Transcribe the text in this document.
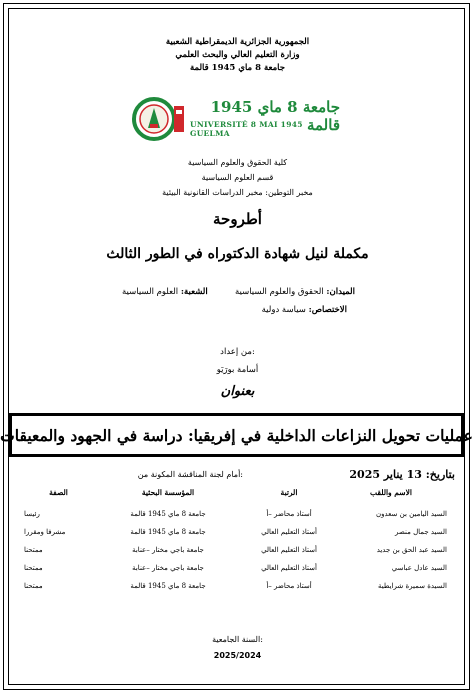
الجمهورية الجزائرية الديمقراطية الشعبية
وزارة التعليم العالي والبحث العلمي
جامعة 8 ماي 1945 قالمة
جامعة 8 ماي 1945 قالمة
UNIVERSITÉ 8 MAI 1945 GUELMA
كلية الحقوق والعلوم السياسية
قسم العلوم السياسية
مخبر التوطين: مخبر الدراسات القانونية البيئية
أطروحة
مكملة لنيل شهادة الدكتوراه في الطور الثالث
الميدان: الحقوق والعلوم السياسية
الشعبة: العلوم السياسية
الاختصاص: سياسة دولية
من إعداد:
أسامة بورَيَو
بعنوان
عمليات تحويل النزاعات الداخلية في إفريقيا: دراسة في الجهود والمعيقات
بتاريخ: 13 يناير 2025
أمام لجنة المناقشة المكونة من:
الاسم واللقب	الرتبة	المؤسسة البحثية	الصفة
السيد اليامين بن سعدون	أستاذ محاضر –أ	جامعة 8 ماي 1945 قالمة	رئيسا
السيد جمال منصر	أستاذ التعليم العالي	جامعة 8 ماي 1945 قالمة	مشرفا ومقررا
السيد عبد الحق بن جديد	أستاذ التعليم العالي	جامعة باجي مختار –عنابة	ممتحنا
السيد عادل عباسي	أستاذ التعليم العالي	جامعة باجي مختار –عنابة	ممتحنا
السيدة سميرة شرايطية	أستاذ محاضر –أ	جامعة 8 ماي 1945 قالمة	ممتحنا
السنة الجامعية:
2025/2024
